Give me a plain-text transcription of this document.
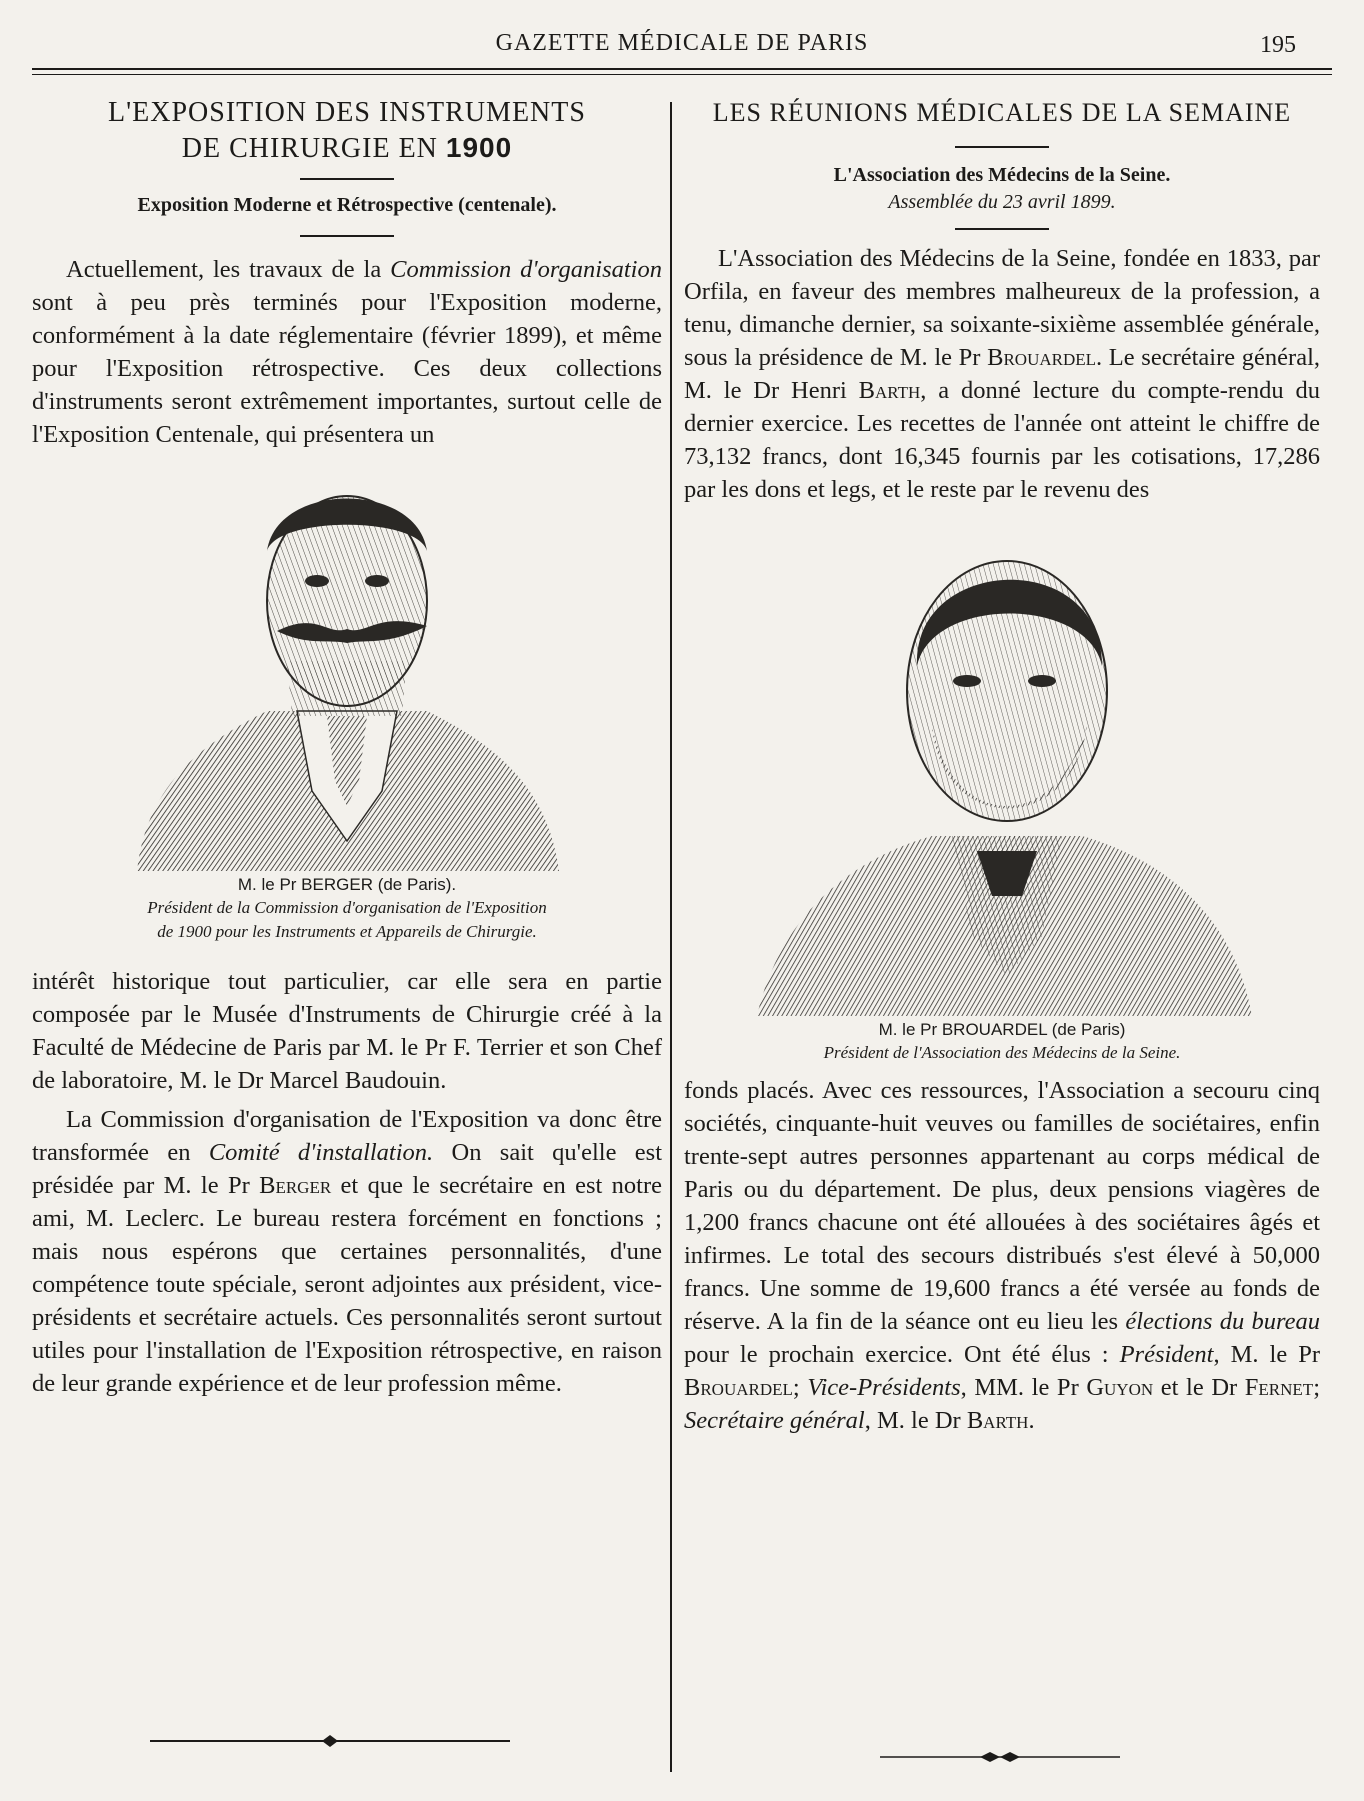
GAZETTE MÉDICALE DE PARIS	195
L'EXPOSITION DES INSTRUMENTS
DE CHIRURGIE EN 1900

Exposition Moderne et Rétrospective (centenale).

Actuellement, les travaux de la Commission d'organisation sont à peu près terminés pour l'Exposition moderne, conformément à la date réglementaire (février 1899), et même pour l'Exposition rétrospective. Ces deux collections d'instruments seront extrêmement importantes, surtout celle de l'Exposition Centenale, qui présentera un

M. le Pr BERGER (de Paris).

Président de la Commission d'organisation de l'Exposition

de 1900 pour les Instruments et Appareils de Chirurgie.

intérêt historique tout particulier, car elle sera en partie composée par le Musée d'Instruments de Chirurgie créé à la Faculté de Médecine de Paris par M. le Pr F. Terrier et son Chef de laboratoire, M. le Dr Marcel Baudouin.

La Commission d'organisation de l'Exposition va donc être transformée en Comité d'installation. On sait qu'elle est présidée par M. le Pr Berger et que le secrétaire en est notre ami, M. Leclerc. Le bureau restera forcément en fonctions ; mais nous espérons que certaines personnalités, d'une compétence toute spéciale, seront adjointes aux président, vice-présidents et secrétaire actuels. Ces personnalités seront surtout utiles pour l'installation de l'Exposition rétrospective, en raison de leur grande expérience et de leur profession même.

LES RÉUNIONS MÉDICALES DE LA SEMAINE

L'Association des Médecins de la Seine.

Assemblée du 23 avril 1899.

L'Association des Médecins de la Seine, fondée en 1833, par Orfila, en faveur des membres malheureux de la profession, a tenu, dimanche dernier, sa soixante-sixième assemblée générale, sous la présidence de M. le Pr Brouardel. Le secrétaire général, M. le Dr Henri Barth, a donné lecture du compte-rendu du dernier exercice. Les recettes de l'année ont atteint le chiffre de 73,132 francs, dont 16,345 fournis par les cotisations, 17,286 par les dons et legs, et le reste par le revenu des

M. le Pr BROUARDEL (de Paris)

Président de l'Association des Médecins de la Seine.

fonds placés. Avec ces ressources, l'Association a secouru cinq sociétés, cinquante-huit veuves ou familles de sociétaires, enfin trente-sept autres personnes appartenant au corps médical de Paris ou du département. De plus, deux pensions viagères de 1,200 francs chacune ont été allouées à des sociétaires âgés et infirmes. Le total des secours distribués s'est élevé à 50,000 francs. Une somme de 19,600 francs a été versée au fonds de réserve. A la fin de la séance ont eu lieu les élections du bureau pour le prochain exercice. Ont été élus : Président, M. le Pr Brouardel; Vice-Présidents, MM. le Pr Guyon et le Dr Fernet; Secrétaire général, M. le Dr Barth.
